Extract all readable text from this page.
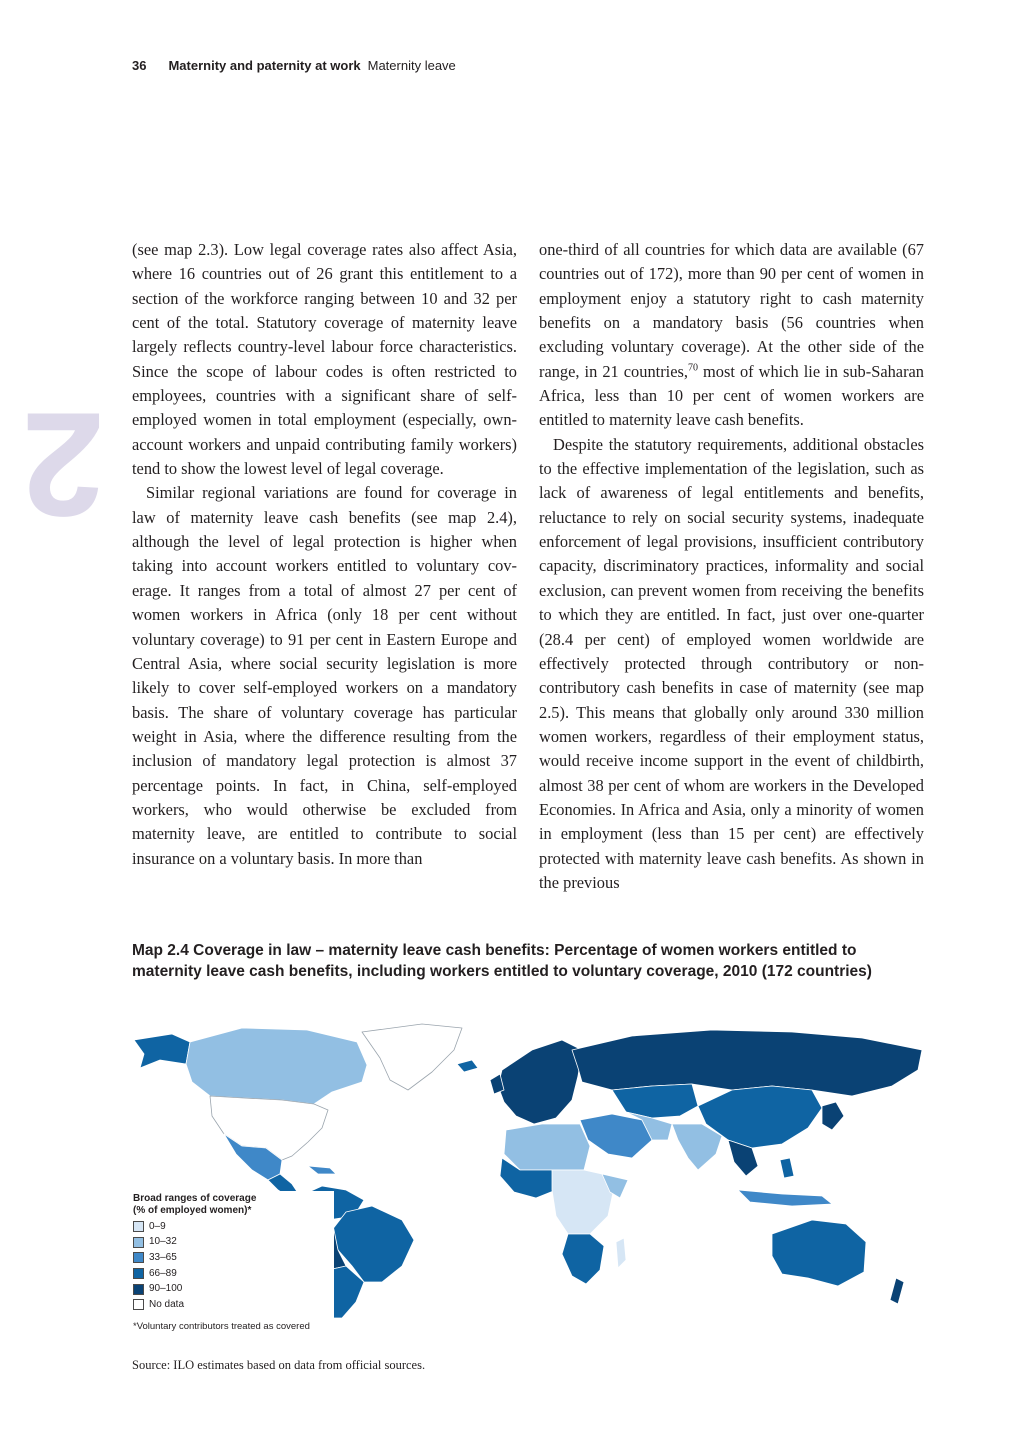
36 Maternity and paternity at work Maternity leave
2

(see map 2.3). Low legal coverage rates also affect Asia, where 16 countries out of 26 grant this entitlement to a section of the workforce ranging between 10 and 32 per cent of the total. Statutory coverage of maternity leave largely reflects country-level labour force characteristics. Since the scope of labour codes is often restricted to employees, countries with a significant share of self-employed women in total employment (especially, own-account workers and unpaid contributing family workers) tend to show the lowest level of legal coverage.

Similar regional variations are found for coverage in law of maternity leave cash benefits (see map 2.4), although the level of legal protection is higher when taking into account workers entitled to voluntary coverage. It ranges from a total of almost 27 per cent of women workers in Africa (only 18 per cent without voluntary coverage) to 91 per cent in Eastern Europe and Central Asia, where social security legislation is more likely to cover self-employed workers on a mandatory basis. The share of voluntary coverage has particular weight in Asia, where the difference resulting from the inclusion of mandatory legal protection is almost 37 percentage points. In fact, in China, self-employed workers, who would otherwise be excluded from maternity leave, are entitled to contribute to social insurance on a voluntary basis. In more than

one-third of all countries for which data are available (67 countries out of 172), more than 90 per cent of women in employment enjoy a statutory right to cash maternity benefits on a mandatory basis (56 countries when excluding voluntary coverage). At the other side of the range, in 21 countries,$^{70}$ most of which lie in sub-Saharan Africa, less than 10 per cent of women workers are entitled to maternity leave cash benefits.

Despite the statutory requirements, additional obstacles to the effective implementation of the legislation, such as lack of awareness of legal entitlements and benefits, reluctance to rely on social security systems, inadequate enforcement of legal provisions, insufficient contributory capacity, discriminatory practices, informality and social exclusion, can prevent women from receiving the benefits to which they are entitled. In fact, just over one-quarter (28.4 per cent) of employed women worldwide are effectively protected through contributory or non-contributory cash benefits in case of maternity (see map 2.5). This means that globally only around 330 million women workers, regardless of their employment status, would receive income support in the event of childbirth, almost 38 per cent of whom are workers in the Developed Economies. In Africa and Asia, only a minority of women in employment (less than 15 per cent) are effectively protected with maternity leave cash benefits. As shown in the previous

Map 2.4 Coverage in law – maternity leave cash benefits: Percentage of women workers entitled to maternity leave cash benefits, including workers entitled to voluntary coverage, 2010 (172 countries)
Broad ranges of coverage
(% of employed women)*
0–9
10–32
33–65
66–89
90–100
No data
*Voluntary contributors treated as covered
Source: ILO estimates based on data from official sources.
